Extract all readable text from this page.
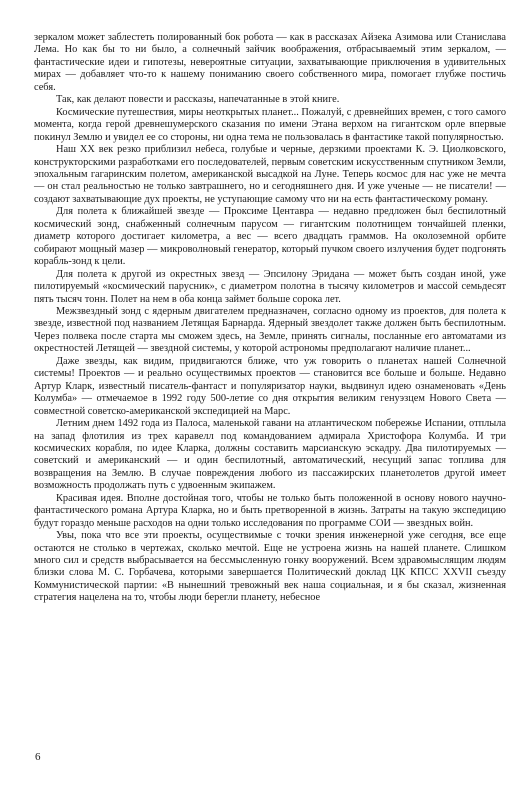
зеркалом может заблестеть полированный бок робота — как в рассказах Айзека Азимова или Станислава Лема. Но как бы то ни было, а солнечный зайчик воображения, отбрасываемый этим зеркалом, — фантастические идеи и гипотезы, невероятные ситуации, захватывающие приключения в удивительных мирах — добавляет что-то к нашему пониманию своего собственного мира, помогает глубже постичь себя.

Так, как делают повести и рассказы, напечатанные в этой книге.

Космические путешествия, миры неоткрытых планет... Пожалуй, с древнейших времен, с того самого момента, когда герой древнешумерского сказания по имени Этана верхом на гигантском орле впервые покинул Землю и увидел ее со стороны, ни одна тема не пользовалась в фантастике такой популярностью.

Наш XX век резко приблизил небеса, голубые и черные, дерзкими проектами К. Э. Циолковского, конструкторскими разработками его последователей, первым советским искусственным спутником Земли, эпохальным гагаринским полетом, американской высадкой на Луне. Теперь космос для нас уже не мечта — он стал реальностью не только завтрашнего, но и сегодняшнего дня. И уже ученые — не писатели! — создают захватывающие дух проекты, не уступающие самому что ни на есть фантастическому роману.

Для полета к ближайшей звезде — Проксиме Центавра — недавно предложен был беспилотный космический зонд, снабженный солнечным парусом — гигантским полотнищем тончайшей пленки, диаметр которого достигает километра, а вес — всего двадцать граммов. На околоземной орбите собирают мощный мазер — микроволновый генератор, который пучком своего излучения будет подгонять корабль-зонд к цели.

Для полета к другой из окрестных звезд — Эпсилону Эридана — может быть создан иной, уже пилотируемый «космический парусник», с диаметром полотна в тысячу километров и массой семьдесят пять тысяч тонн. Полет на нем в оба конца займет больше сорока лет.

Межзвездный зонд с ядерным двигателем предназначен, согласно одному из проектов, для полета к звезде, известной под названием Летящая Барнарда. Ядерный звездолет также должен быть беспилотным. Через полвека после старта мы сможем здесь, на Земле, принять сигналы, посланные его автоматами из окрестностей Летящей — звездной системы, у которой астрономы предполагают наличие планет...

Даже звезды, как видим, придвигаются ближе, что уж говорить о планетах нашей Солнечной системы! Проектов — и реально осуществимых проектов — становится все больше и больше. Недавно Артур Кларк, известный писатель-фантаст и популяризатор науки, выдвинул идею ознаменовать «День Колумба» — отмечаемое в 1992 году 500-летие со дня открытия великим генуэзцем Нового Света — совместной советско-американской экспедицией на Марс.

Летним днем 1492 года из Палоса, маленькой гавани на атлантическом побережье Испании, отплыла на запад флотилия из трех каравелл под командованием адмирала Христофора Колумба. И три космических корабля, по идее Кларка, должны составить марсианскую эскадру. Два пилотируемых — советский и американский — и один беспилотный, автоматический, несущий запас топлива для возвращения на Землю. В случае повреждения любого из пассажирских планетолетов другой имеет возможность продолжать путь с удвоенным экипажем.

Красивая идея. Вполне достойная того, чтобы не только быть положенной в основу нового научно-фантастического романа Артура Кларка, но и быть претворенной в жизнь. Затраты на такую экспедицию будут гораздо меньше расходов на одни только исследования по программе СОИ — звездных войн.

Увы, пока что все эти проекты, осуществимые с точки зрения инженерной уже сегодня, все еще остаются не столько в чертежах, сколько мечтой. Еще не устроена жизнь на нашей планете. Слишком много сил и средств выбрасывается на бессмысленную гонку вооружений. Всем здравомыслящим людям близки слова М. С. Горбачева, которыми завершается Политический доклад ЦК КПСС XXVII съезду Коммунистической партии: «В нынешний тревожный век наша социальная, и я бы сказал, жизненная стратегия нацелена на то, чтобы люди берегли планету, небесное

6
